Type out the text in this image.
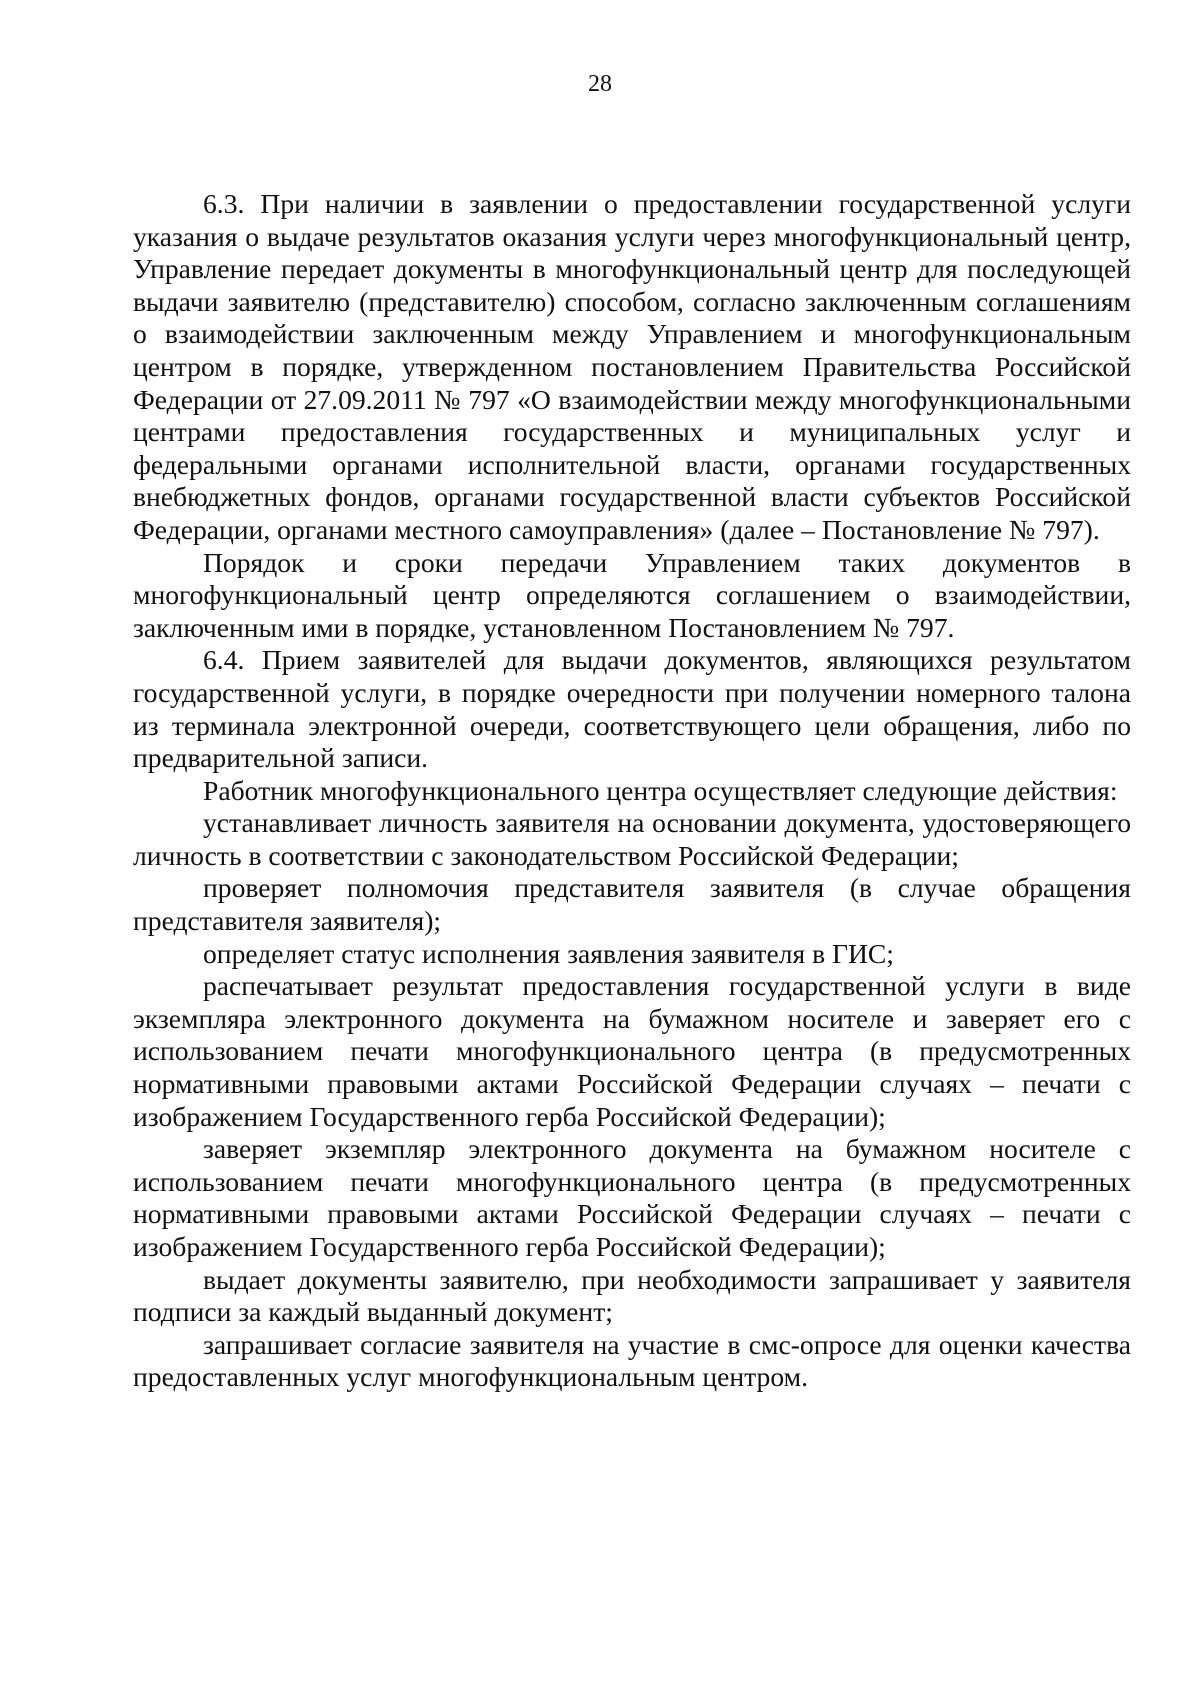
28

6.3. При наличии в заявлении о предоставлении государственной услуги указания о выдаче результатов оказания услуги через многофункциональный центр, Управление передает документы в многофункциональный центр для последующей выдачи заявителю (представителю) способом, согласно заключенным соглашениям о взаимодействии заключенным между Управлением и многофункциональным центром в порядке, утвержденном постановлением Правительства Российской Федерации от 27.09.2011 № 797 «О взаимодействии между многофункциональными центрами предоставления государственных и муниципальных услуг и федеральными органами исполнительной власти, органами государственных внебюджетных фондов, органами государственной власти субъектов Российской Федерации, органами местного самоуправления» (далее – Постановление № 797).

Порядок и сроки передачи Управлением таких документов в многофункциональный центр определяются соглашением о взаимодействии, заключенным ими в порядке, установленном Постановлением № 797.

6.4. Прием заявителей для выдачи документов, являющихся результатом государственной услуги, в порядке очередности при получении номерного талона из терминала электронной очереди, соответствующего цели обращения, либо по предварительной записи.

Работник многофункционального центра осуществляет следующие действия:

устанавливает личность заявителя на основании документа, удостоверяющего личность в соответствии с законодательством Российской Федерации;

проверяет полномочия представителя заявителя (в случае обращения представителя заявителя);

определяет статус исполнения заявления заявителя в ГИС;

распечатывает результат предоставления государственной услуги в виде экземпляра электронного документа на бумажном носителе и заверяет его с использованием печати многофункционального центра (в предусмотренных нормативными правовыми актами Российской Федерации случаях – печати с изображением Государственного герба Российской Федерации);

заверяет экземпляр электронного документа на бумажном носителе с использованием печати многофункционального центра (в предусмотренных нормативными правовыми актами Российской Федерации случаях – печати с изображением Государственного герба Российской Федерации);

выдает документы заявителю, при необходимости запрашивает у заявителя подписи за каждый выданный документ;

запрашивает согласие заявителя на участие в смс-опросе для оценки качества предоставленных услуг многофункциональным центром.
